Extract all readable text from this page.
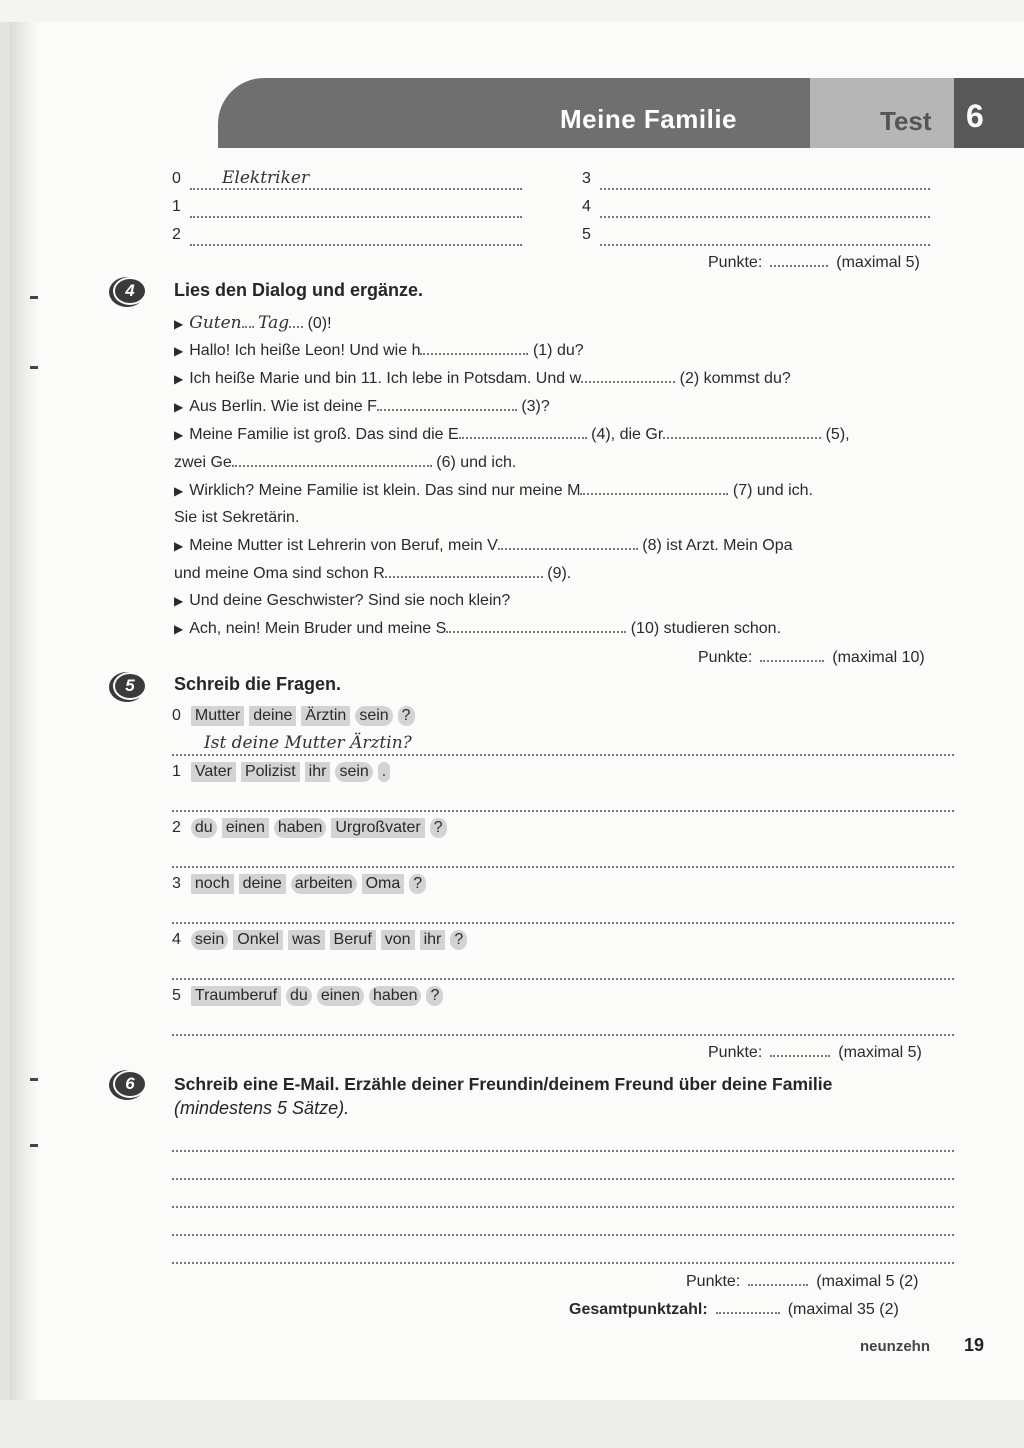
Meine Familie	Test 6
0 Elektriker
1
2
3
4
5
Punkte:	(maximal 5)
4	Lies den Dialog und ergänze.
▶ Guten Tag (0)!
▶ Hallo! Ich heiße Leon! Und wie h	(1) du?
▶ Ich heiße Marie und bin 11. Ich lebe in Potsdam. Und w	(2) kommst du?
▶ Aus Berlin. Wie ist deine F	(3)?
▶ Meine Familie ist groß. Das sind die E	(4), die Gr	(5),
zwei Ge	(6) und ich.
▶ Wirklich? Meine Familie ist klein. Das sind nur meine M	(7) und ich.
Sie ist Sekretärin.
▶ Meine Mutter ist Lehrerin von Beruf, mein V	(8) ist Arzt. Mein Opa
und meine Oma sind schon R	(9).
▶ Und deine Geschwister? Sind sie noch klein?
▶ Ach, nein! Mein Bruder und meine S	(10) studieren schon.
Punkte:	(maximal 10)
5	Schreib die Fragen.
0 Mutter deine Ärztin sein ?
Ist deine Mutter Ärztin?
1 Vater Polizist ihr sein .
2 du einen haben Urgroßvater ?
3 noch deine arbeiten Oma ?
4 sein Onkel was Beruf von ihr ?
5 Traumberuf du einen haben ?
Punkte:	(maximal 5)
6	Schreib eine E-Mail. Erzähle deiner Freundin/deinem Freund über deine Familie
(mindestens 5 Sätze).
Punkte:	(maximal 5 (2)
Gesamtpunktzahl:	(maximal 35 (2)
neunzehn 19
